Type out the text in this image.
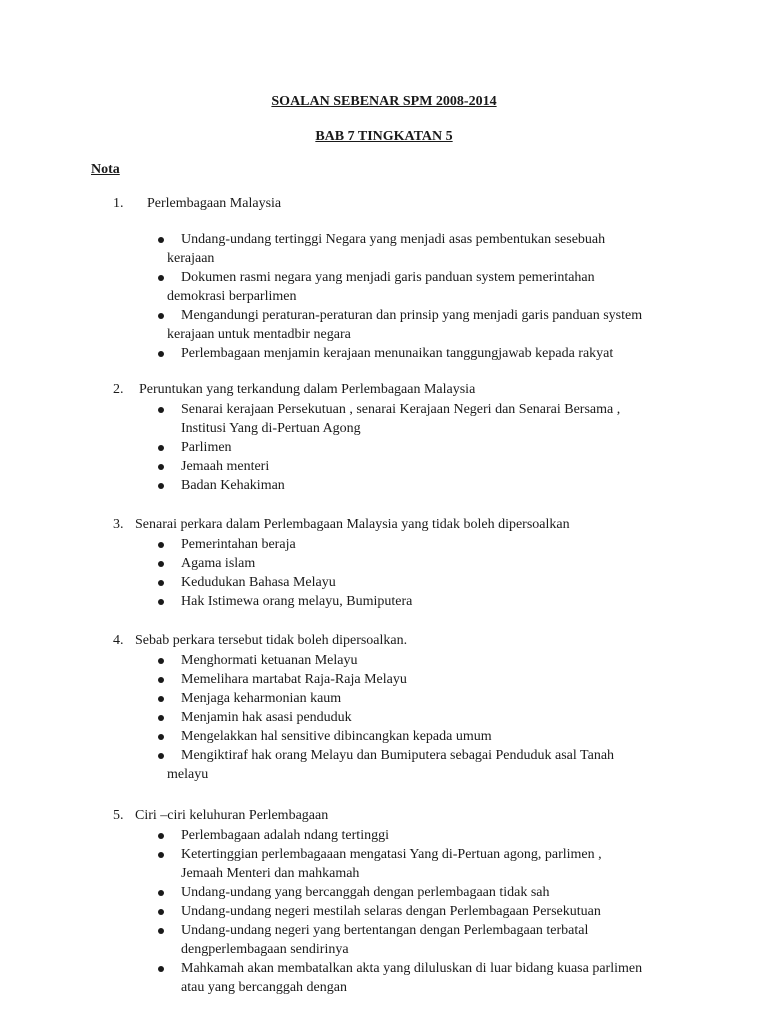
SOALAN SEBENAR SPM 2008-2014
BAB 7 TINGKATAN 5

Nota

1. Perlembagaan Malaysia
Undang-undang tertinggi Negara yang menjadi asas pembentukan sesebuah
kerajaan
Dokumen rasmi negara yang menjadi garis panduan system pemerintahan
demokrasi berparlimen
Mengandungi peraturan-peraturan dan prinsip yang menjadi garis panduan system
kerajaan untuk mentadbir negara
Perlembagaan menjamin kerajaan menunaikan tanggungjawab kepada rakyat
2. Peruntukan yang terkandung dalam Perlembagaan Malaysia
Senarai kerajaan Persekutuan , senarai Kerajaan Negeri dan Senarai Bersama ,
Institusi Yang di-Pertuan Agong
Parlimen
Jemaah menteri
Badan Kehakiman
3. Senarai perkara dalam Perlembagaan Malaysia yang tidak boleh dipersoalkan
Pemerintahan beraja
Agama islam
Kedudukan Bahasa Melayu
Hak Istimewa orang melayu, Bumiputera
4. Sebab perkara tersebut tidak boleh dipersoalkan.
Menghormati ketuanan Melayu
Memelihara martabat Raja-Raja Melayu
Menjaga keharmonian kaum
Menjamin hak asasi penduduk
Mengelakkan hal sensitive dibincangkan kepada umum
Mengiktiraf hak orang Melayu dan Bumiputera sebagai Penduduk asal Tanah
melayu
5. Ciri –ciri keluhuran Perlembagaan
Perlembagaan adalah ndang tertinggi
Ketertinggian perlembagaaan mengatasi Yang di-Pertuan agong, parlimen ,
Jemaah Menteri dan mahkamah
Undang-undang yang bercanggah dengan perlembagaan tidak sah
Undang-undang negeri mestilah selaras dengan Perlembagaan Persekutuan
Undang-undang negeri yang bertentangan dengan Perlembagaan terbatal
dengperlembagaan sendirinya
Mahkamah akan membatalkan akta yang diluluskan di luar bidang kuasa parlimen
atau yang bercanggah dengan
